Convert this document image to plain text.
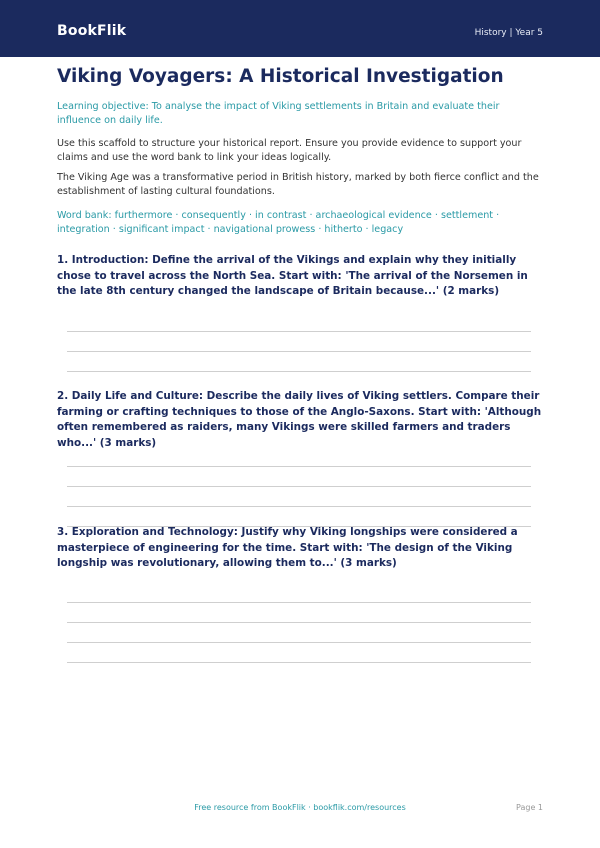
BookFlik	History | Year 5
Viking Voyagers: A Historical Investigation

Learning objective: To analyse the impact of Viking settlements in Britain and evaluate their influence on daily life.

Use this scaffold to structure your historical report. Ensure you provide evidence to support your claims and use the word bank to link your ideas logically.

The Viking Age was a transformative period in British history, marked by both fierce conflict and the establishment of lasting cultural foundations.

Word bank: furthermore · consequently · in contrast · archaeological evidence · settlement · integration · significant impact · navigational prowess · hitherto · legacy

1. Introduction: Define the arrival of the Vikings and explain why they initially chose to travel across the North Sea. Start with: 'The arrival of the Norsemen in the late 8th century changed the landscape of Britain because...' (2 marks)

2. Daily Life and Culture: Describe the daily lives of Viking settlers. Compare their farming or crafting techniques to those of the Anglo-Saxons. Start with: 'Although often remembered as raiders, many Vikings were skilled farmers and traders who...' (3 marks)

3. Exploration and Technology: Justify why Viking longships were considered a masterpiece of engineering for the time. Start with: 'The design of the Viking longship was revolutionary, allowing them to...' (3 marks)

Free resource from BookFlik · bookflik.com/resources	Page 1
